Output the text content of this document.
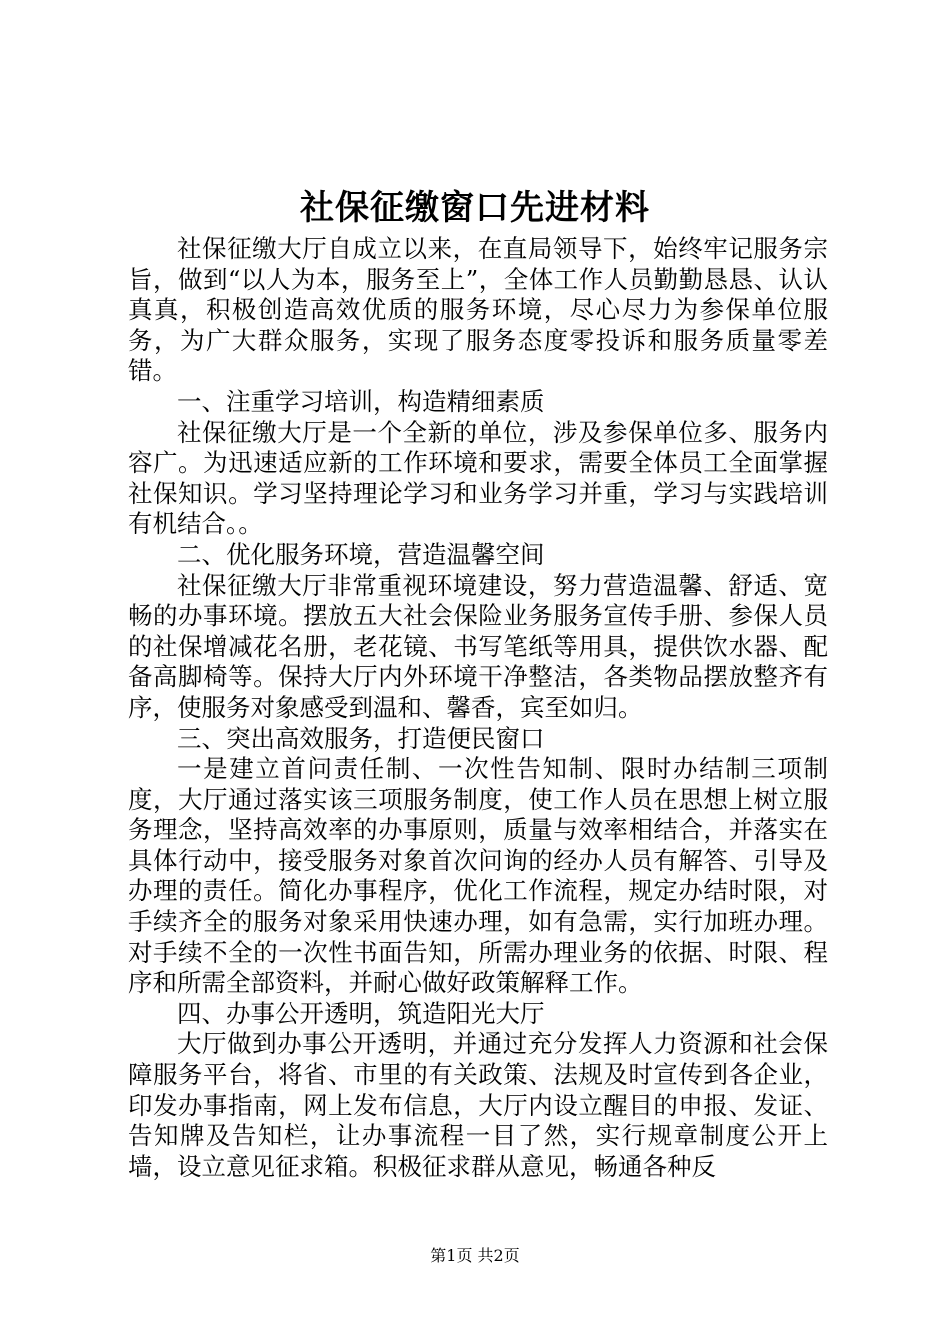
社保征缴窗口先进材料

社保征缴大厅自成立以来，在直局领导下，始终牢记服务宗旨，做到“以人为本，服务至上”，全体工作人员勤勤恳恳、认认真真，积极创造高效优质的服务环境，尽心尽力为参保单位服务，为广大群众服务，实现了服务态度零投诉和服务质量零差错。

一、注重学习培训，构造精细素质

社保征缴大厅是一个全新的单位，涉及参保单位多、服务内容广。为迅速适应新的工作环境和要求，需要全体员工全面掌握社保知识。学习坚持理论学习和业务学习并重，学习与实践培训有机结合。。

二、优化服务环境，营造温馨空间

社保征缴大厅非常重视环境建设，努力营造温馨、舒适、宽畅的办事环境。摆放五大社会保险业务服务宣传手册、参保人员的社保增减花名册，老花镜、书写笔纸等用具，提供饮水器、配备高脚椅等。保持大厅内外环境干净整洁，各类物品摆放整齐有序，使服务对象感受到温和、馨香，宾至如归。

三、突出高效服务，打造便民窗口

一是建立首问责任制、一次性告知制、限时办结制三项制度，大厅通过落实该三项服务制度，使工作人员在思想上树立服务理念，坚持高效率的办事原则，质量与效率相结合，并落实在具体行动中，接受服务对象首次问询的经办人员有解答、引导及办理的责任。简化办事程序，优化工作流程，规定办结时限，对手续齐全的服务对象采用快速办理，如有急需，实行加班办理。对手续不全的一次性书面告知，所需办理业务的依据、时限、程序和所需全部资料，并耐心做好政策解释工作。

四、办事公开透明，筑造阳光大厅

大厅做到办事公开透明，并通过充分发挥人力资源和社会保障服务平台，将省、市里的有关政策、法规及时宣传到各企业，印发办事指南，网上发布信息，大厅内设立醒目的申报、发证、告知牌及告知栏，让办事流程一目了然，实行规章制度公开上墙，设立意见征求箱。积极征求群从意见，畅通各种反

第1页 共2页
